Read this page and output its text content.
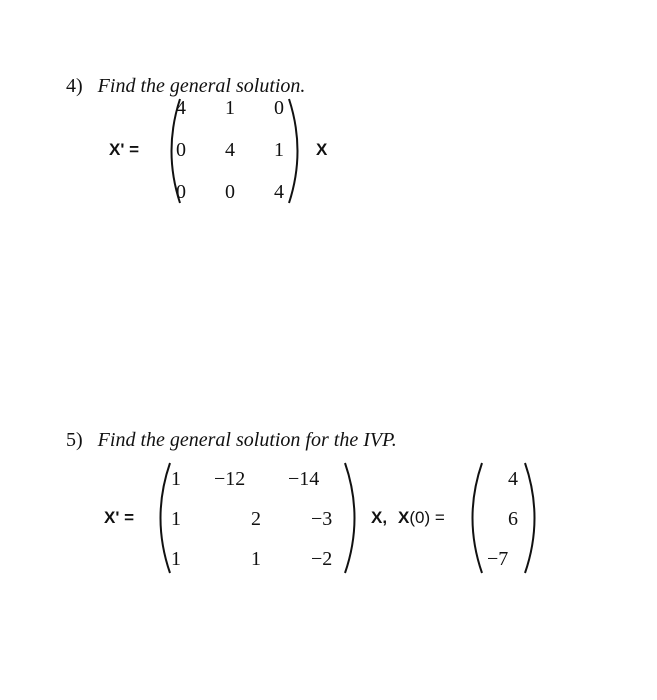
4) Find the general solution.
X' =
4 1 0
0 4 1
0 0 4
X
5) Find the general solution for the IVP.
X' =
1 −12 −14
1	2	−3
1	1	−2
X, X(0) =
4
6
−7
